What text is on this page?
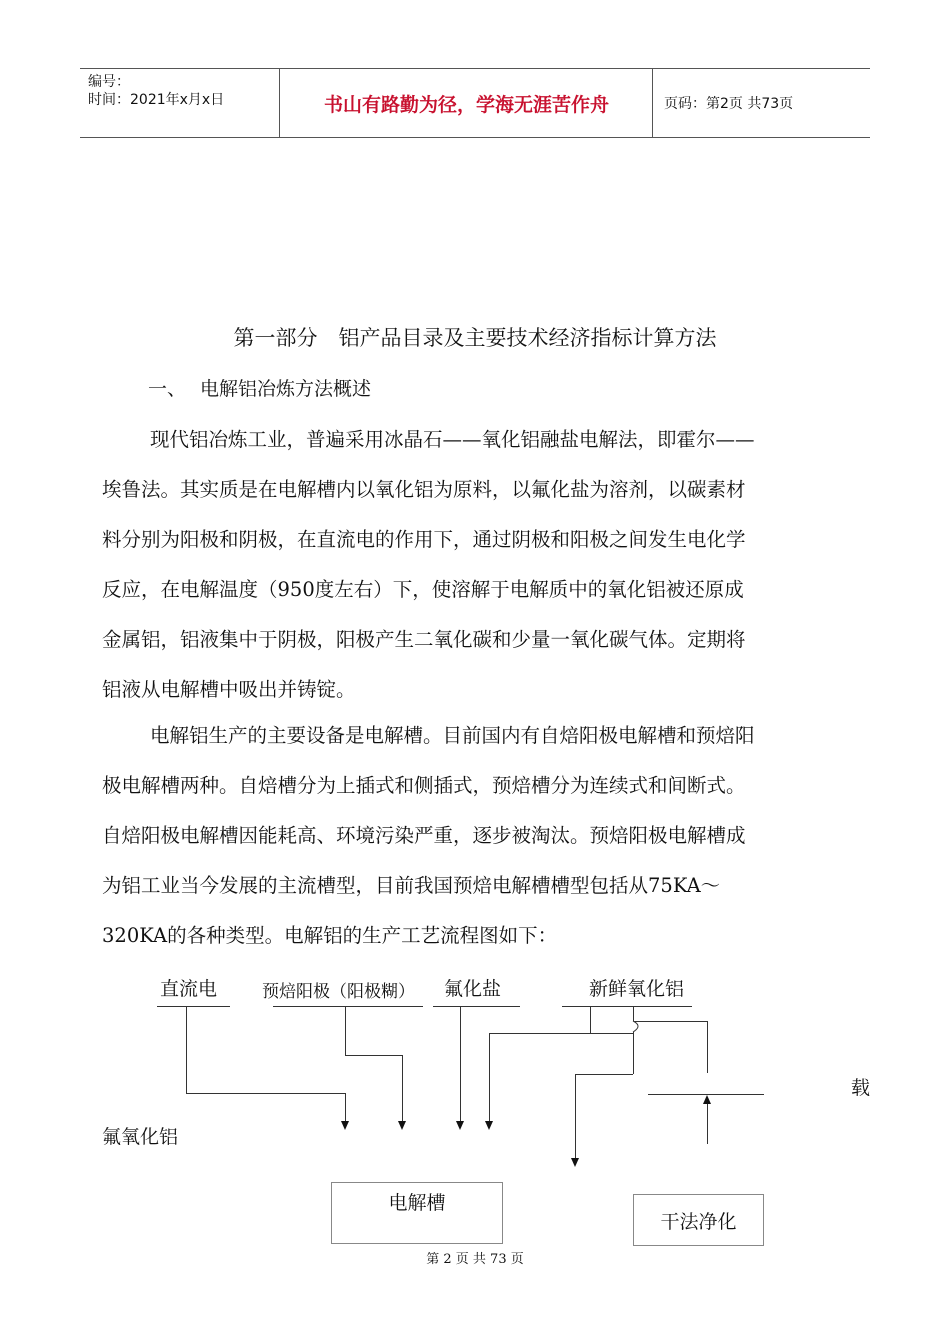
编号：
时间：2021年x月x日	书山有路勤为径，学海无涯苦作舟	页码：第2页 共73页
第一部分　铝产品目录及主要技术经济指标计算方法
一、 电解铝冶炼方法概述
现代铝冶炼工业，普遍采用冰晶石——氧化铝融盐电解法，即霍尔——
埃鲁法。其实质是在电解槽内以氧化铝为原料，以氟化盐为溶剂，以碳素材
料分别为阳极和阴极，在直流电的作用下，通过阴极和阳极之间发生电化学
反应，在电解温度（950度左右）下，使溶解于电解质中的氧化铝被还原成
金属铝，铝液集中于阴极，阳极产生二氧化碳和少量一氧化碳气体。定期将
铝液从电解槽中吸出并铸锭。
电解铝生产的主要设备是电解槽。目前国内有自焙阳极电解槽和预焙阳
极电解槽两种。自焙槽分为上插式和侧插式，预焙槽分为连续式和间断式。
自焙阳极电解槽因能耗高、环境污染严重，逐步被淘汰。预焙阳极电解槽成
为铝工业当今发展的主流槽型，目前我国预焙电解槽槽型包括从75KA～
320KA的各种类型。电解铝的生产工艺流程图如下：
直流电	预焙阳极（阳极糊） 氟化盐	新鲜氧化铝
载
氟氧化铝
电解槽
干法净化
第 2 页 共 73 页
